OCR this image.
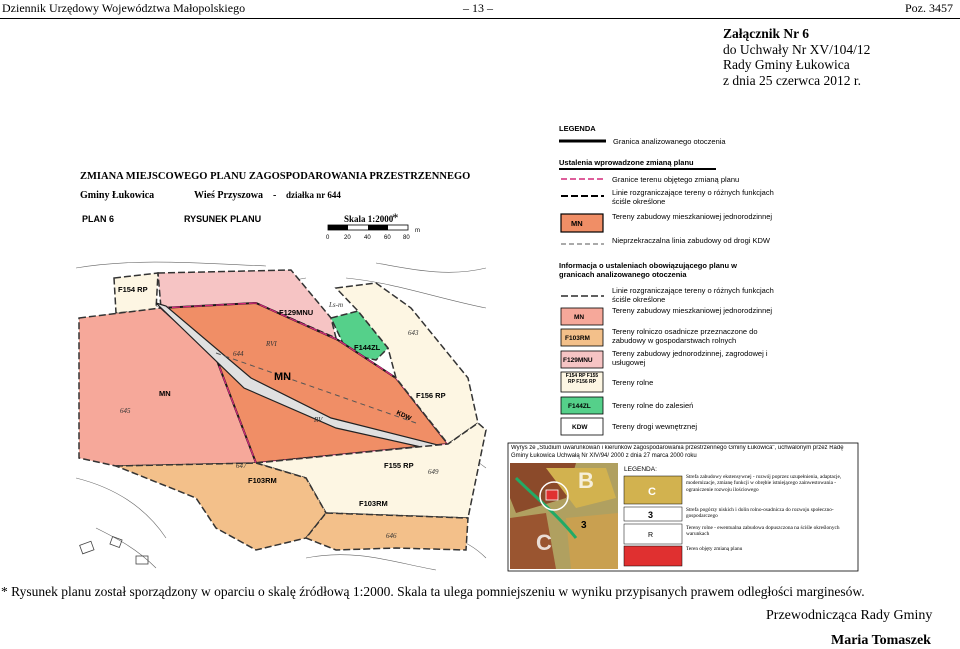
Dziennik Urzędowy Województwa Małopolskiego	– 13 –	Poz. 3457
Załącznik Nr 6
do Uchwały Nr XV/104/12
Rady Gminy Łukowica
z dnia 25 czerwca 2012 r.
ZMIANA MIEJSCOWEGO PLANU ZAGOSPODAROWANIA PRZESTRZENNEGO
Gminy Łukowica	Wieś Przyszowa - działka nr 644
PLAN 6	RYSUNEK PLANU	Skala 1:2000
*
0 20 40 60 80
m
F154 RP
F129MNU
F144ZL
MN
MN	F156 RP
KDW
F155 RP
F103RM
F103RM
644
645
643
649
647
646
RVI
RV
Ls-m
LEGENDA
Granica analizowanego otoczenia
Ustalenia wprowadzone zmianą planu
Granice terenu objętego zmianą planu
Linie rozgraniczające tereny o różnych funkcjach ściśle określone
MN
Tereny zabudowy mieszkaniowej jednorodzinnej
Nieprzekraczalna linia zabudowy od drogi KDW
Informacja o ustaleniach obowiązującego planu w granicach analizowanego otoczenia
Linie rozgraniczające tereny o różnych funkcjach ściśle określone
MN
Tereny zabudowy mieszkaniowej jednorodzinnej
F103RM
Tereny rolniczo osadnicze przeznaczone do zabudowy w gospodarstwach rolnych
F129MNU
Tereny zabudowy jednorodzinnej, zagrodowej i usługowej
F154 RP F155 RP F156 RP	Tereny rolne
F144ZL	Tereny rolne do zalesień
KDW	Tereny drogi wewnętrznej
Wyrys ze „Studium uwarunkowań i kierunków zagospodarowania przestrzennego Gminy Łukowica", uchwalonym przez Radę Gminy Łukowica Uchwałą Nr XIV/94/ 2000 z dnia 27 marca 2000 roku
B
C
3
LEGENDA:
C
Strefa zabudowy ekstensywnej - rozwój poprzez uzupełnienia, adaptacje, modernizacje, zmianę funkcji w obrębie istniejącego zainwestowania - ograniczenie rozwoju ilościowego
3	Strefa pogórzy niskich i dolin rolno-osadnicza do rozwoju społeczno-gospodarczego
R
Tereny rolne - ewentualna zabudowa dopuszczona na ściśle określonych warunkach
Teren objęty zmianą planu
* Rysunek planu został sporządzony w oparciu o skalę źródłową 1:2000. Skala ta ulega pomniejszeniu w wyniku przypisanych prawem odległości marginesów.
Przewodnicząca Rady Gminy
Maria Tomaszek
